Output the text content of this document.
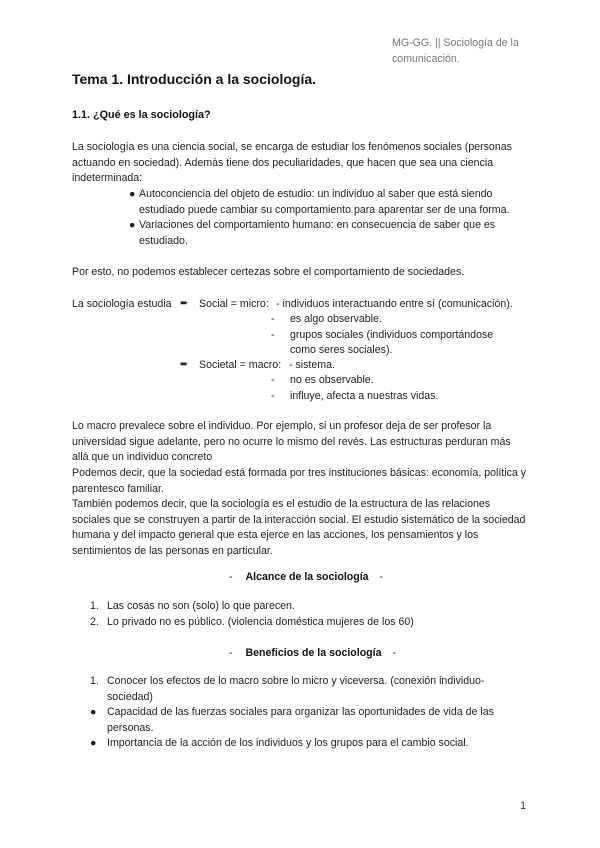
MG-GG. || Sociología de la comunicación.
Tema 1. Introducción a la sociología.
1.1. ¿Qué es la sociología?
La sociología es una ciencia social, se encarga de estudiar los fenómenos sociales (personas actuando en sociedad). Además tiene dos peculiaridades, que hacen que sea una ciencia indeterminada:
● Autoconciencia del objeto de estudio: un individuo al saber que está siendo estudiado puede cambiar su comportamiento para aparentar ser de una forma.
● Variaciones del comportamiento humano: en consecuencia de saber que es estudiado.
Por esto, no podemos establecer certezas sobre el comportamiento de sociedades.
La sociología estudia ➨ Social = micro: - individuos interactuando entre sí (comunicación).
- es algo observable.
- grupos sociales (individuos comportándose como seres sociales).
➨ Societal = macro: - sistema.
- no es observable.
- influye, afecta a nuestras vidas.
Lo macro prevalece sobre el individuo. Por ejemplo, si un profesor deja de ser profesor la universidad sigue adelante, pero no ocurre lo mismo del revés. Las estructuras perduran más allá que un individuo concreto
Podemos decir, que la sociedad está formada por tres instituciones básicas: economía, política y parentesco familiar.
También podemos decir, que la sociología es el estudio de la estructura de las relaciones sociales que se construyen a partir de la interacción social. El estudio sistemático de la sociedad humana y del impacto general que esta ejerce en las acciones, los pensamientos y los sentimientos de las personas en particular.
- Alcance de la sociología -
1. Las cosas no son (solo) lo que parecen.
2. Lo privado no es público. (violencia doméstica mujeres de los 60)
- Beneficios de la sociología -
1. Conocer los efectos de lo macro sobre lo micro y viceversa. (conexión individuo-sociedad)
● Capacidad de las fuerzas sociales para organizar las oportunidades de vida de las personas.
● Importancia de la acción de los individuos y los grupos para el cambio social.
1
